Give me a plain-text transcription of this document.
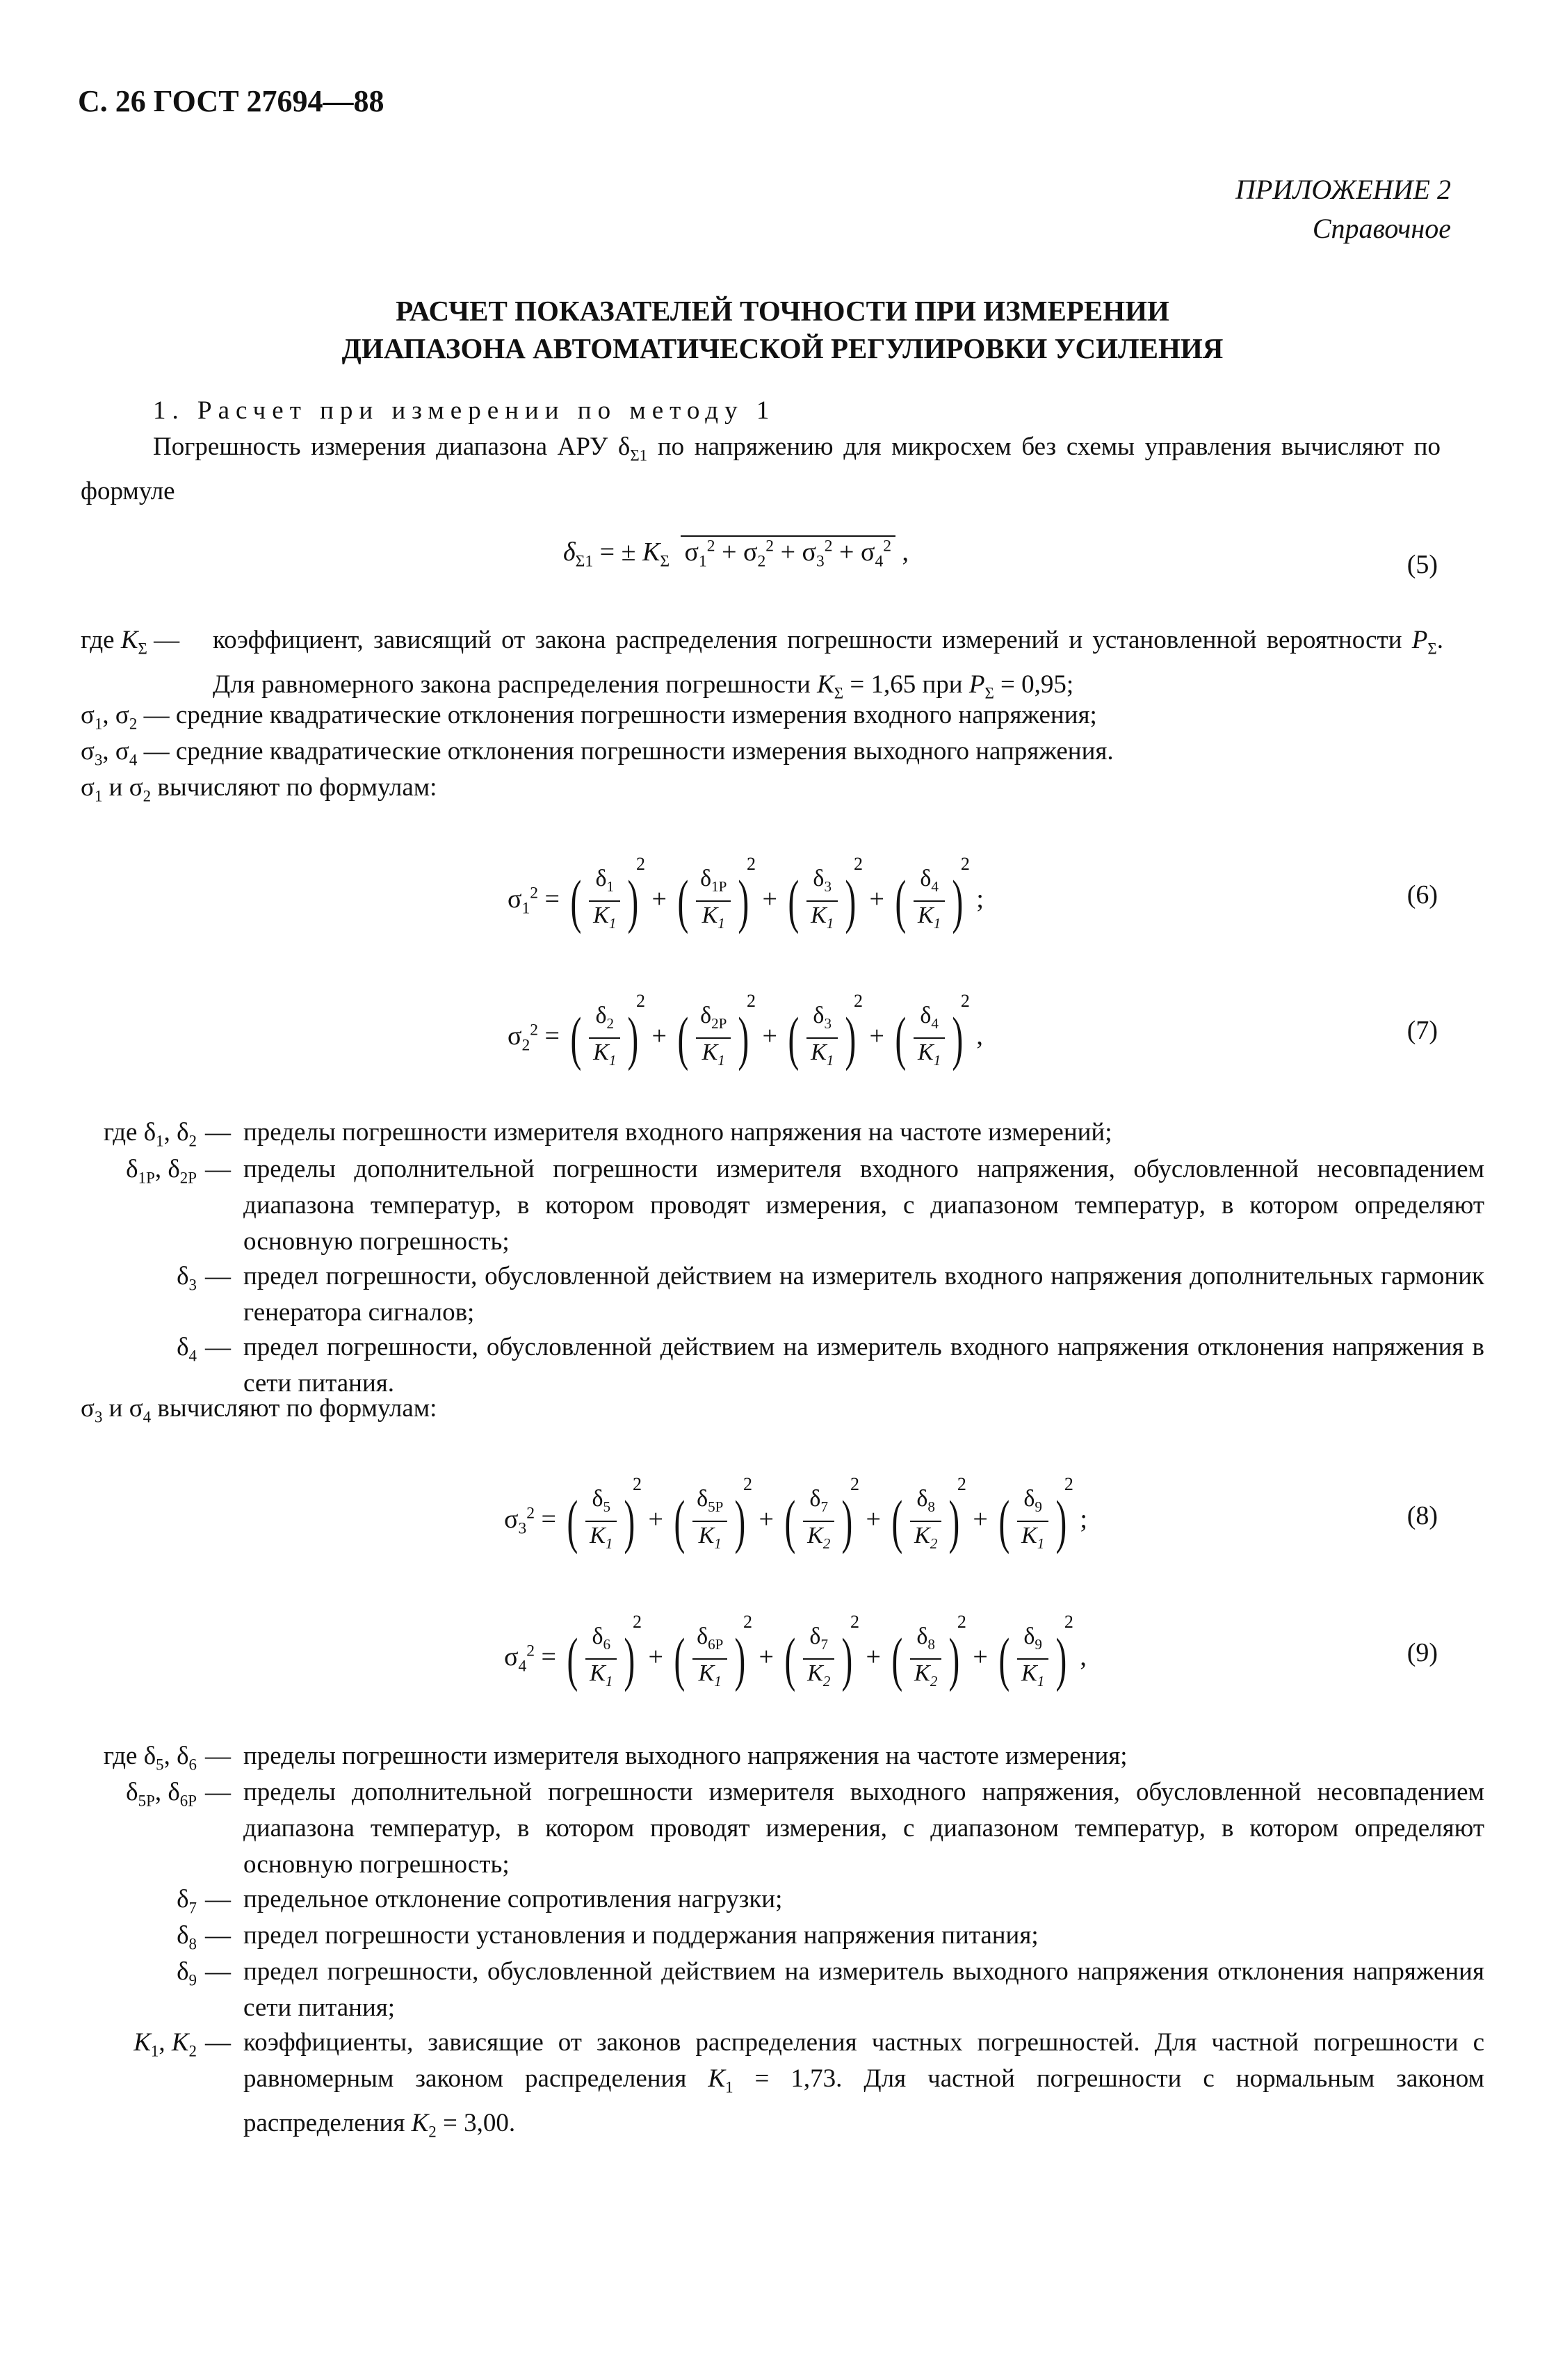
С. 26 ГОСТ 27694—88
ПРИЛОЖЕНИЕ 2
Справочное
РАСЧЕТ ПОКАЗАТЕЛЕЙ ТОЧНОСТИ ПРИ ИЗМЕРЕНИИ
ДИАПАЗОНА АВТОМАТИЧЕСКОЙ РЕГУЛИРОВКИ УСИЛЕНИЯ
1. Расчет при измерении по методу 1
Погрешность измерения диапазона АРУ $\delta_{\Sigma 1}$ по напряжению для микросхем без схемы управления вычисляют по формуле
$\delta_{\Sigma 1}$ = ± $K_\Sigma$ $\sigma_1^2 + \sigma_2^2 + \sigma_3^2 + \sigma_4^2$ ,	(5)
где $K_\Sigma$ — коэффициент, зависящий от закона распределения погрешности измерений и установленной вероятности $P_\Sigma$. Для равномерного закона распределения погрешности $K_\Sigma = 1,65$ при $P_\Sigma = 0,95$;
$\sigma_1$, $\sigma_2$ — средние квадратические отклонения погрешности измерения входного напряжения;
$\sigma_3$, $\sigma_4$ — средние квадратические отклонения погрешности измерения выходного напряжения.
$\sigma_1$ и $\sigma_2$ вычисляют по формулам:
$\sigma_1^2$ = ( $\frac{\delta_1}{K_1} )^2$ + ( $\frac{\delta_{1P}}{K_1} )^2$ + ( $\frac{\delta_3}{K_1} )^2$ + ( $\frac{\delta_4}{K_1} )^2$ ;	(6)
$\sigma_2^2$ = ( $\frac{\delta_2}{K_1} )^2$ + ( $\frac{\delta_{2P}}{K_1} )^2$ + ( $\frac{\delta_3}{K_1} )^2$ + ( $\frac{\delta_4}{K_1} )^2$ ,	(7)
где $\delta_1$, $\delta_2$ — пределы погрешности измерителя входного напряжения на частоте измерений;
$\delta_{1P}$, $\delta_{2P}$ — пределы дополнительной погрешности измерителя входного напряжения, обусловленной несовпадением диапазона температур, в котором проводят измерения, с диапазоном температур, в котором определяют основную погрешность;
$\delta_3$ — предел погрешности, обусловленной действием на измеритель входного напряжения дополнительных гармоник генератора сигналов;
$\delta_4$ — предел погрешности, обусловленной действием на измеритель входного напряжения отклонения напряжения в сети питания.
$\sigma_3$ и $\sigma_4$ вычисляют по формулам:
$\sigma_3^2$ = ( $\frac{\delta_5}{K_1} )^2$ + ( $\frac{\delta_{5P}}{K_1} )^2$ + ( $\frac{\delta_7}{K_2} )^2$ + ( $\frac{\delta_8}{K_2} )^2$ + ( $\frac{\delta_9}{K_1} )^2$ ;	(8)
$\sigma_4^2$ = ( $\frac{\delta_6}{K_1} )^2$ + ( $\frac{\delta_{6P}}{K_1} )^2$ + ( $\frac{\delta_7}{K_2} )^2$ + ( $\frac{\delta_8}{K_2} )^2$ + ( $\frac{\delta_9}{K_1} )^2$ ,	(9)
где $\delta_5$, $\delta_6$ — пределы погрешности измерителя выходного напряжения на частоте измерения;
$\delta_{5P}$, $\delta_{6P}$ — пределы дополнительной погрешности измерителя выходного напряжения, обусловленной несовпадением диапазона температур, в котором проводят измерения, с диапазоном температур, в котором определяют основную погрешность;
$\delta_7$ — предельное отклонение сопротивления нагрузки;
$\delta_8$ — предел погрешности установления и поддержания напряжения питания;
$\delta_9$ — предел погрешности, обусловленной действием на измеритель выходного напряжения отклонения напряжения сети питания;
$K_1$, $K_2$ — коэффициенты, зависящие от законов распределения частных погрешностей. Для частной погрешности с равномерным законом распределения $K_1 = 1,73$. Для частной погрешности с нормальным законом распределения $K_2 = 3,00$.
